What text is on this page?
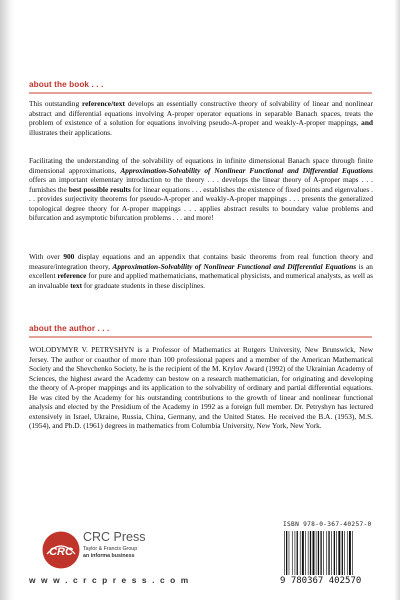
about the book . . .

This outstanding reference/text develops an essentially constructive theory of solvability of linear and nonlinear abstract and differential equations involving A-proper operator equations in separable Banach spaces, treats the problem of existence of a solution for equations involving pseudo-A-proper and weakly-A-proper mappings, and illustrates their applications.

Facilitating the understanding of the solvability of equations in infinite dimensional Banach space through finite dimensional approximations, Approximation-Solvability of Nonlinear Functional and Differential Equations offers an important elementary introduction to the theory . . . develops the linear theory of A-proper maps . . . furnishes the best possible results for linear equations . . . establishes the existence of fixed points and eigenvalues . . . provides surjectivity theorems for pseudo-A-proper and weakly-A-proper mappings . . . presents the generalized topological degree theory for A-proper mappings . . . applies abstract results to boundary value problems and bifurcation and asymptotic bifurcation problems . . . and more!

With over 900 display equations and an appendix that contains basic theorems from real function theory and measure/integration theory, Approximation-Solvability of Nonlinear Functional and Differential Equations is an excellent reference for pure and applied mathematicians, mathematical physicists, and numerical analysts, as well as an invaluable text for graduate students in these disciplines.

about the author . . .

WOLODYMYR V. PETRYSHYN is a Professor of Mathematics at Rutgers University, New Brunswick, New Jersey. The author or coauthor of more than 100 professional papers and a member of the American Mathematical Society and the Shevchenko Society, he is the recipient of the M. Krylov Award (1992) of the Ukrainian Academy of Sciences, the highest award the Academy can bestow on a research mathematician, for originating and developing the theory of A-proper mappings and its application to the solvability of ordinary and partial differential equations. He was cited by the Academy for his outstanding contributions to the growth of linear and nonlinear functional analysis and elected by the Presidium of the Academy in 1992 as a foreign full member. Dr. Petryshyn has lectured extensively in Israel, Ukraine, Russia, China, Germany, and the United States. He received the B.A. (1953), M.S. (1954), and Ph.D. (1961) degrees in mathematics from Columbia University, New York, New York.

CRC
CRC Press
Taylor & Francis Group
an informa business
w w w . c r c p r e s s . c o m
ISBN 978-0-367-40257-0
9 780367 402570
